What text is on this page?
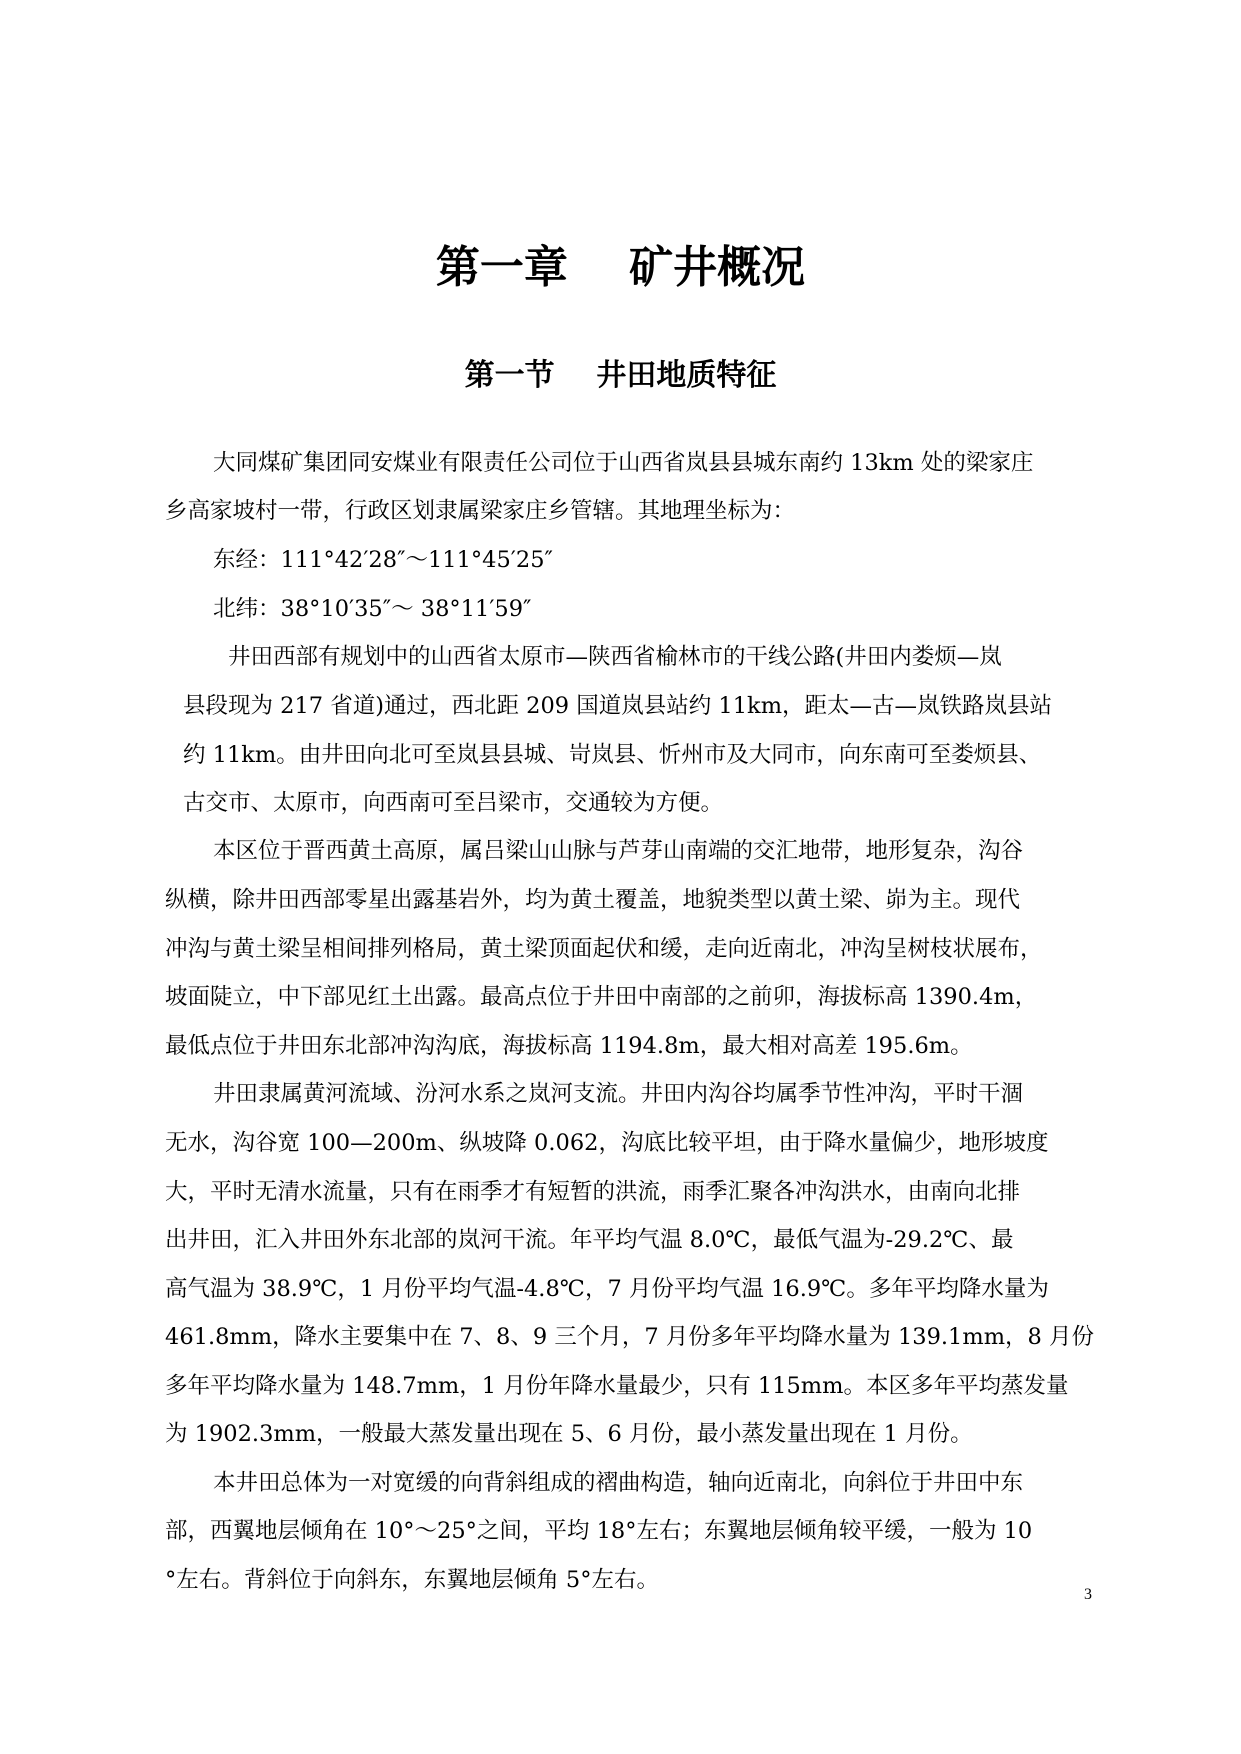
第一章    矿井概况
第一节    井田地质特征

大同煤矿集团同安煤业有限责任公司位于山西省岚县县城东南约 13km 处的梁家庄

乡高家坡村一带，行政区划隶属梁家庄乡管辖。其地理坐标为：

东经：111°42′28″～111°45′25″

北纬：38°10′35″～ 38°11′59″

井田西部有规划中的山西省太原市—陕西省榆林市的干线公路(井田内娄烦—岚

县段现为 217 省道)通过，西北距 209 国道岚县站约 11km，距太—古—岚铁路岚县站

约 11km。由井田向北可至岚县县城、岢岚县、忻州市及大同市，向东南可至娄烦县、

古交市、太原市，向西南可至吕梁市，交通较为方便。

本区位于晋西黄土高原，属吕梁山山脉与芦芽山南端的交汇地带，地形复杂，沟谷

纵横，除井田西部零星出露基岩外，均为黄土覆盖，地貌类型以黄土梁、峁为主。现代

冲沟与黄土梁呈相间排列格局，黄土梁顶面起伏和缓，走向近南北，冲沟呈树枝状展布，

坡面陡立，中下部见红土出露。最高点位于井田中南部的之前卯，海拔标高 1390.4m，

最低点位于井田东北部冲沟沟底，海拔标高 1194.8m，最大相对高差 195.6m。

井田隶属黄河流域、汾河水系之岚河支流。井田内沟谷均属季节性冲沟，平时干涸

无水，沟谷宽 100—200m、纵坡降 0.062，沟底比较平坦，由于降水量偏少，地形坡度

大，平时无清水流量，只有在雨季才有短暂的洪流，雨季汇聚各冲沟洪水，由南向北排

出井田，汇入井田外东北部的岚河干流。年平均气温 8.0℃，最低气温为-29.2℃、最

高气温为 38.9℃，1 月份平均气温-4.8℃，7 月份平均气温 16.9℃。多年平均降水量为

461.8mm，降水主要集中在 7、8、9 三个月，7 月份多年平均降水量为 139.1mm，8 月份

多年平均降水量为 148.7mm，1 月份年降水量最少，只有 115mm。本区多年平均蒸发量

为 1902.3mm，一般最大蒸发量出现在 5、6 月份，最小蒸发量出现在 1 月份。

本井田总体为一对宽缓的向背斜组成的褶曲构造，轴向近南北，向斜位于井田中东

部，西翼地层倾角在 10°～25°之间，平均 18°左右；东翼地层倾角较平缓，一般为 10

°左右。背斜位于向斜东，东翼地层倾角 5°左右。

3
